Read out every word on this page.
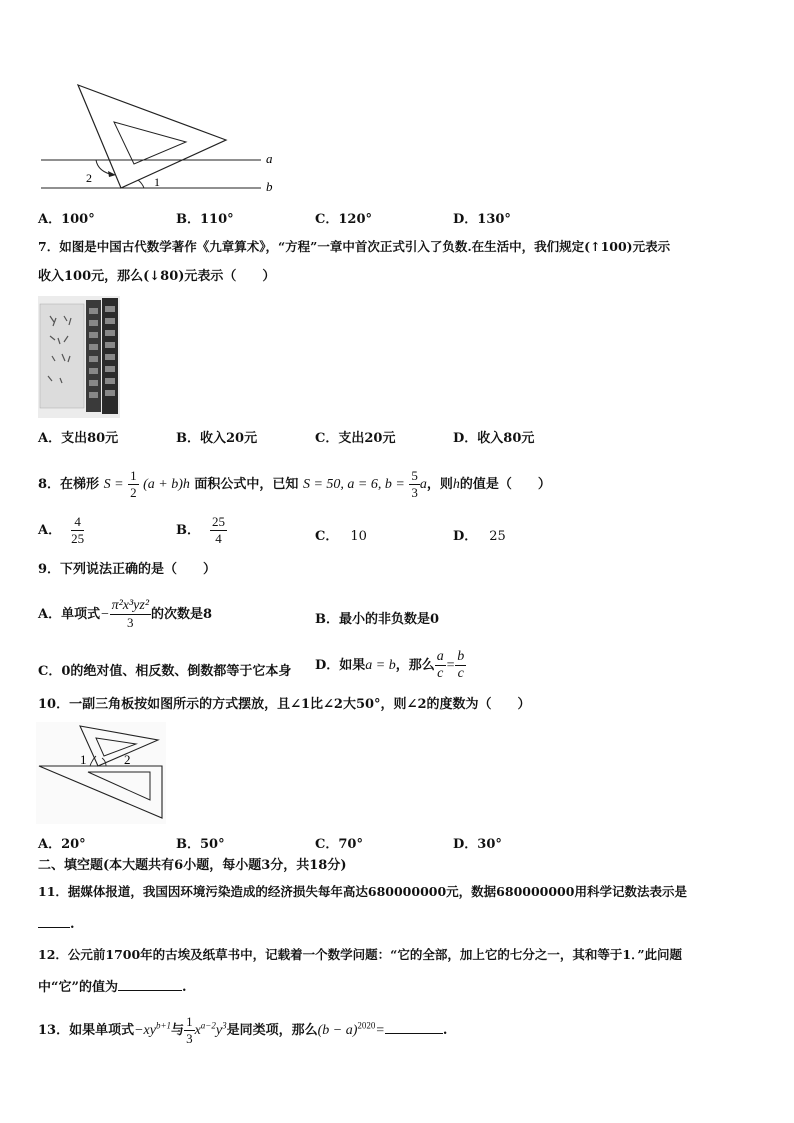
a
b
2	1
A．100°	B．110°	C．120°	D．130°
7．如图是中国古代数学著作《九章算术》，“方程”一章中首次正式引入了负数.在生活中，我们规定(↑100)元表示
收入100元，那么(↓80)元表示（　　）
A．支出80元	B．收入20元	C．支出20元	D．收入80元
8．在梯形 $S = \frac{1}{2} (a + b)h$ 面积公式中，已知 S = 50, a = 6, $b = \frac{5}{3}$ a，则h的值是（　　）
A． $\frac{4}{25}$	B． $\frac{25}{4}$	C． 10	D． 25
9．下列说法正确的是（　　）
A．单项式− $\frac{\text{π²x³yz²}}{3}$ 的次数是8	B．最小的非负数是0
C．0的绝对值、相反数、倒数都等于它本身 D．如果a = b，那么 $\frac{a}{c} = \frac{b}{c}$
10．一副三角板按如图所示的方式摆放，且∠1比∠2大50°，则∠2的度数为（　　）
1	2
A．20°	B．50°	C．70°	D．30°
二、填空题(本大题共有6小题，每小题3分，共18分)
11．据媒体报道，我国因环境污染造成的经济损失每年高达680000000元，数据680000000用科学记数法表示是
.
12．公元前1700年的古埃及纸草书中，记载着一个数学问题：“它的全部，加上它的七分之一，其和等于1．”此问题
中“它”的值为	.
13．如果单项式$-xy^{b+1}$与 $\frac{1}{3} x^{a-2}y^3$是同类项，那么$(b - a)^{2020}=$	.
